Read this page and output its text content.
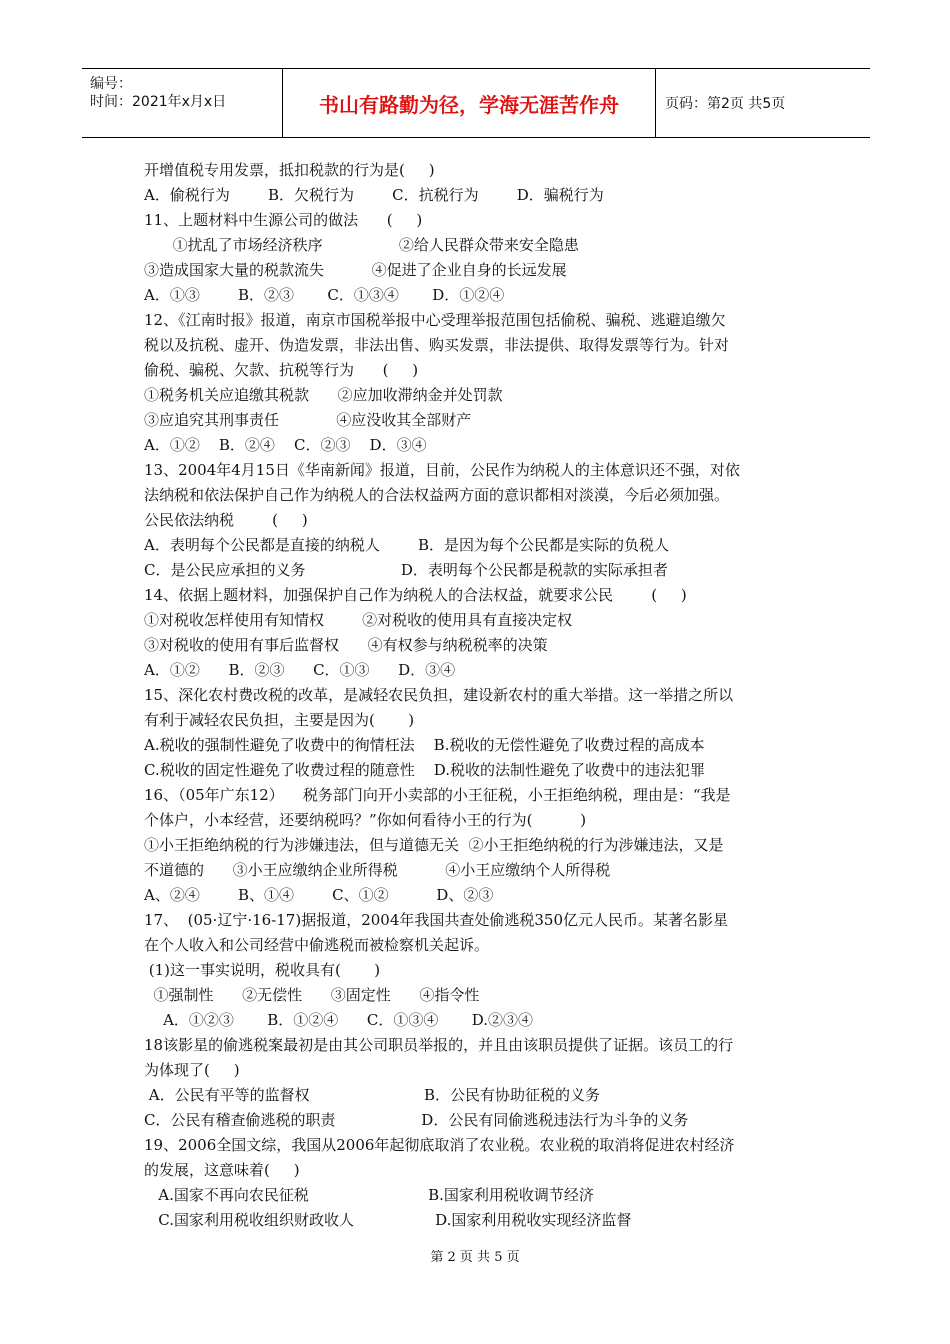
编号：
时间：2021年x月x日	书山有路勤为径，学海无涯苦作舟	页码：第2页 共5页
开增值税专用发票，抵扣税款的行为是(     )
A．偷税行为        B．欠税行为        C．抗税行为        D．骗税行为
11、上题材料中生源公司的做法      (     )
①扰乱了市场经济秩序                ②给人民群众带来安全隐患
③造成国家大量的税款流失          ④促进了企业自身的长远发展
A．①③        B．②③       C．①③④       D．①②④
12、《江南时报》报道，南京市国税举报中心受理举报范围包括偷税、骗税、逃避追缴欠
税以及抗税、虚开、伪造发票，非法出售、购买发票，非法提供、取得发票等行为。针对
偷税、骗税、欠款、抗税等行为      (     )
①税务机关应追缴其税款      ②应加收滞纳金并处罚款
③应追究其刑事责任            ④应没收其全部财产
A．①②    B．②④    C．②③    D．③④
13、2004年4月15日《华南新闻》报道，目前，公民作为纳税人的主体意识还不强，对依
法纳税和依法保护自己作为纳税人的合法权益两方面的意识都相对淡漠，今后必须加强。
公民依法纳税        (     )
A．表明每个公民都是直接的纳税人        B．是因为每个公民都是实际的负税人
C．是公民应承担的义务                    D．表明每个公民都是税款的实际承担者
14、依据上题材料，加强保护自己作为纳税人的合法权益，就要求公民        (     )
①对税收怎样使用有知情权        ②对税收的使用具有直接决定权
③对税收的使用有事后监督权      ④有权参与纳税税率的决策
A．①②      B．②③      C．①③      D．③④
15、深化农村费改税的改革，是减轻农民负担，建设新农村的重大举措。这一举措之所以
有利于减轻农民负担，主要是因为(       )
A.税收的强制性避免了收费中的徇情枉法    B.税收的无偿性避免了收费过程的高成本
C.税收的固定性避免了收费过程的随意性    D.税收的法制性避免了收费中的违法犯罪
16、（05年广东12）    税务部门向开小卖部的小王征税，小王拒绝纳税，理由是：“我是
个体户，小本经营，还要纳税吗？”你如何看待小王的行为(          )
①小王拒绝纳税的行为涉嫌违法，但与道德无关  ②小王拒绝纳税的行为涉嫌违法，又是
不道德的      ③小王应缴纳企业所得税          ④小王应缴纳个人所得税
A、②④        B、①④        C、①②          D、②③
17、  (05·辽宁·16-17)据报道，2004年我国共查处偷逃税350亿元人民币。某著名影星
在个人收入和公司经营中偷逃税而被检察机关起诉。
(1)这一事实说明，税收具有(       )
①强制性      ②无偿性      ③固定性      ④指令性
A．①②③       B．①②④      C．①③④       D.②③④
18该影星的偷逃税案最初是由其公司职员举报的，并且由该职员提供了证据。该员工的行
为体现了(     )
A．公民有平等的监督权                        B．公民有协助征税的义务
C．公民有稽查偷逃税的职责                  D．公民有同偷逃税违法行为斗争的义务
19、2006全国文综，我国从2006年起彻底取消了农业税。农业税的取消将促进农村经济
的发展，这意味着(     )
A.国家不再向农民征税                         B.国家利用税收调节经济
C.国家利用税收组织财政收人                 D.国家利用税收实现经济监督
第 2 页 共 5 页
